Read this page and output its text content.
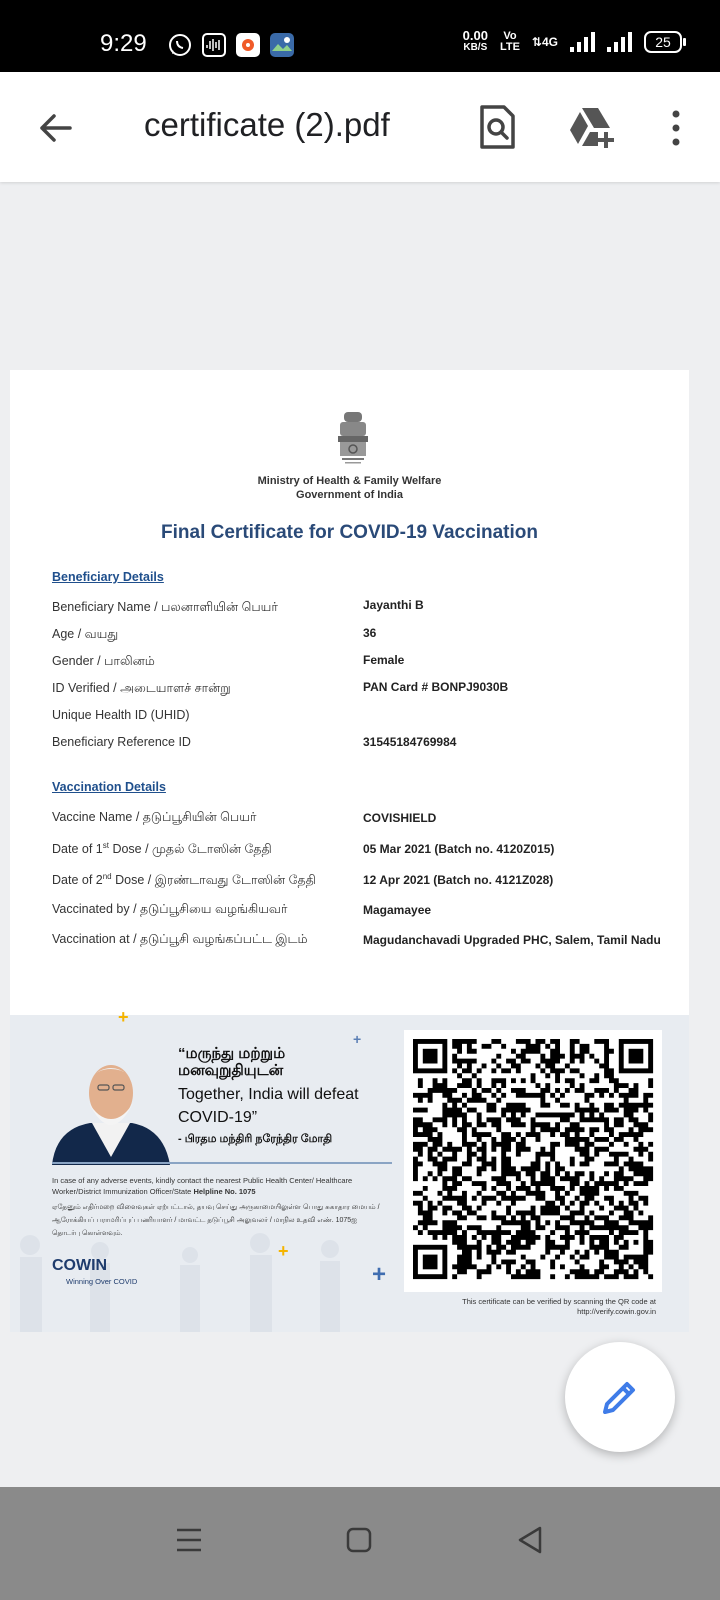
9:29	0.00
KB/S
Vo
LTE ⇅4G	25
certificate (2).pdf
Ministry of Health & Family Welfare
Government of India
Final Certificate for COVID-19 Vaccination
Beneficiary Details
Beneficiary Name / பலனாளியின் பெயர்	Jayanthi B
Age / வயது	36
Gender / பாலினம்	Female
ID Verified / அடையாளச் சான்று	PAN Card # BONPJ9030B
Unique Health ID (UHID)
Beneficiary Reference ID	31545184769984
Vaccination Details
Vaccine Name / தடுப்பூசியின் பெயர்	COVISHIELD
Date of 1st Dose / முதல் டோஸின் தேதி	05 Mar 2021 (Batch no. 4120Z015)
Date of 2nd Dose / இரண்டாவது டோஸின் தேதி	12 Apr 2021 (Batch no. 4121Z028)
Vaccinated by / தடுப்பூசியை வழங்கியவர்	Magamayee
Vaccination at / தடுப்பூசி வழங்கப்பட்ட இடம்	Magudanchavadi Upgraded PHC, Salem, Tamil Nadu
+
+
+
+
“மருந்து மற்றும்
மனவுறுதியுடன்
Together, India will defeat COVID-19”
- பிரதம மந்திரி நரேந்திர மோதி
In case of any adverse events, kindly contact the nearest Public Health Center/ Healthcare Worker/District Immunization Officer/State Helpline No. 1075
ஏதேனும் எதிர்மறை விளைவுகள் ஏற்பட்டால், தயவு செய்து அருகாமையிலுள்ள பொது சுகாதார மையம் / ஆரோக்கியப் பராமரிப்புப் பணியாளர் / மாவட்ட தடுப்பூசி அலுவலர் / மாநில உதவி எண். 1075ஐ தொடர்பு கொள்ளவும்.
COWIN
Winning Over COVID
This certificate can be verified by scanning the QR code at
http://verify.cowin.gov.in
